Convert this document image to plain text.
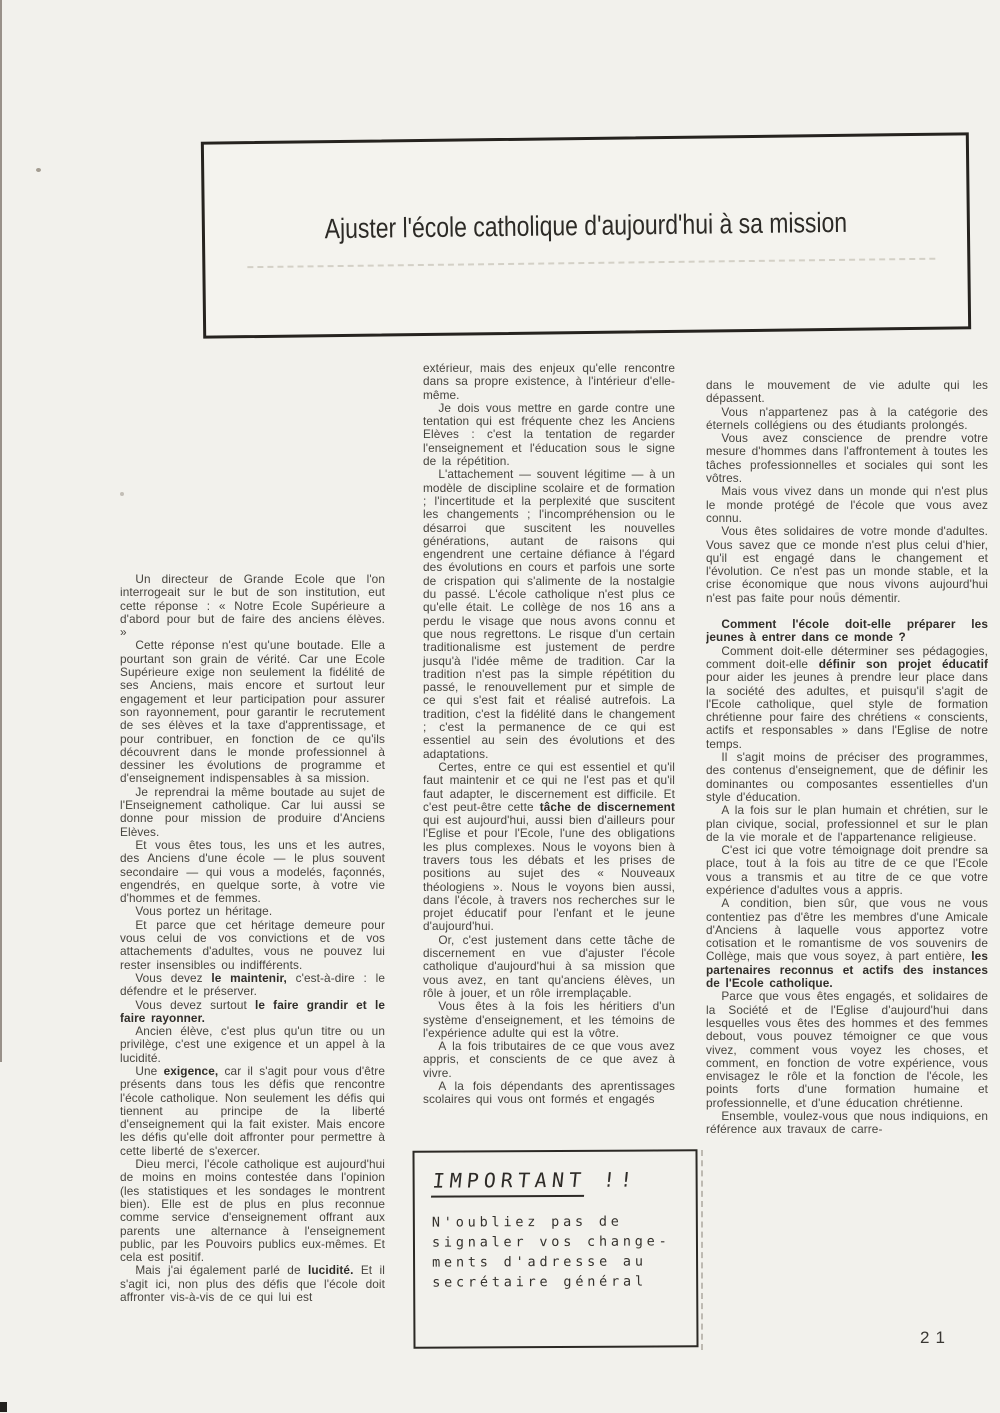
Ajuster l'école catholique d'aujourd'hui à sa mission

Un directeur de Grande Ecole que l'on interrogeait sur le but de son institution, eut cette réponse : « Notre Ecole Supérieure a d'abord pour but de faire des anciens élèves. »

Cette réponse n'est qu'une boutade. Elle a pourtant son grain de vérité. Car une Ecole Supérieure exige non seulement la fidélité de ses Anciens, mais encore et surtout leur engagement et leur participation pour assurer son rayonnement, pour garantir le recrutement de ses élèves et la taxe d'apprentissage, et pour contribuer, en fonction de ce qu'ils découvrent dans le monde professionnel à dessiner les évolutions de programme et d'enseignement indispensables à sa mission.

Je reprendrai la même boutade au sujet de l'Enseignement catholique. Car lui aussi se donne pour mission de produire d'Anciens Elèves.

Et vous êtes tous, les uns et les autres, des Anciens d'une école — le plus souvent secondaire — qui vous a modelés, façonnés, engendrés, en quelque sorte, à votre vie d'hommes et de femmes.

Vous portez un héritage.

Et parce que cet héritage demeure pour vous celui de vos convictions et de vos attachements d'adultes, vous ne pouvez lui rester insensibles ou indifférents.

Vous devez le maintenir, c'est-à-dire : le défendre et le préserver.

Vous devez surtout le faire grandir et le faire rayonner.

Ancien élève, c'est plus qu'un titre ou un privilège, c'est une exigence et un appel à la lucidité.

Une exigence, car il s'agit pour vous d'être présents dans tous les défis que rencontre l'école catholique. Non seulement les défis qui tiennent au principe de la liberté d'enseignement qui la fait exister. Mais encore les défis qu'elle doit affronter pour permettre à cette liberté de s'exercer.

Dieu merci, l'école catholique est aujourd'hui de moins en moins contestée dans l'opinion (les statistiques et les sondages le montrent bien). Elle est de plus en plus reconnue comme service d'enseignement offrant aux parents une alternance à l'enseignement public, par les Pouvoirs publics eux-mêmes. Et cela est positif.

Mais j'ai également parlé de lucidité. Et il s'agit ici, non plus des défis que l'école doit affronter vis-à-vis de ce qui lui est

extérieur, mais des enjeux qu'elle rencontre dans sa propre existence, à l'intérieur d'elle-même.

Je dois vous mettre en garde contre une tentation qui est fréquente chez les Anciens Elèves : c'est la tentation de regarder l'enseignement et l'éducation sous le signe de la répétition.

L'attachement — souvent légitime — à un modèle de discipline scolaire et de formation ; l'incertitude et la perplexité que suscitent les changements ; l'incompréhension ou le désarroi que suscitent les nouvelles générations, autant de raisons qui engendrent une certaine défiance à l'égard des évolutions en cours et parfois une sorte de crispation qui s'alimente de la nostalgie du passé. L'école catholique n'est plus ce qu'elle était. Le collège de nos 16 ans a perdu le visage que nous avons connu et que nous regrettons. Le risque d'un certain traditionalisme est justement de perdre jusqu'à l'idée même de tradition. Car la tradition n'est pas la simple répétition du passé, le renouvellement pur et simple de ce qui s'est fait et réalisé autrefois. La tradition, c'est la fidélité dans le changement ; c'est la permanence de ce qui est essentiel au sein des évolutions et des adaptations.

Certes, entre ce qui est essentiel et qu'il faut maintenir et ce qui ne l'est pas et qu'il faut adapter, le discernement est difficile. Et c'est peut-être cette tâche de discernement qui est aujourd'hui, aussi bien d'ailleurs pour l'Eglise et pour l'Ecole, l'une des obligations les plus complexes. Nous le voyons bien à travers tous les débats et les prises de positions au sujet des « Nouveaux théologiens ». Nous le voyons bien aussi, dans l'école, à travers nos recherches sur le projet éducatif pour l'enfant et le jeune d'aujourd'hui.

Or, c'est justement dans cette tâche de discernement en vue d'ajuster l'école catholique d'aujourd'hui à sa mission que vous avez, en tant qu'anciens élèves, un rôle à jouer, et un rôle irremplaçable.

Vous êtes à la fois les héritiers d'un système d'enseignement, et les témoins de l'expérience adulte qui est la vôtre.

A la fois tributaires de ce que vous avez appris, et conscients de ce que avez à vivre.

A la fois dépendants des aprentissages scolaires qui vous ont formés et engagés

dans le mouvement de vie adulte qui les dépassent.

Vous n'appartenez pas à la catégorie des éternels collégiens ou des étudiants prolongés.

Vous avez conscience de prendre votre mesure d'hommes dans l'affrontement à toutes les tâches professionnelles et sociales qui sont les vôtres.

Mais vous vivez dans un monde qui n'est plus le monde protégé de l'école que vous avez connu.

Vous êtes solidaires de votre monde d'adultes. Vous savez que ce monde n'est plus celui d'hier, qu'il est engagé dans le changement et l'évolution. Ce n'est pas un monde stable, et la crise économique que nous vivons aujourd'hui n'est pas faite pour nous démentir.

Comment l'école doit-elle préparer les jeunes à entrer dans ce monde ?

Comment doit-elle déterminer ses pédagogies, comment doit-elle définir son projet éducatif pour aider les jeunes à prendre leur place dans la société des adultes, et puisqu'il s'agit de l'Ecole catholique, quel style de formation chrétienne pour faire des chrétiens « conscients, actifs et responsables » dans l'Eglise de notre temps.

Il s'agit moins de préciser des programmes, des contenus d'enseignement, que de définir les dominantes ou composantes essentielles d'un style d'éducation.

A la fois sur le plan humain et chrétien, sur le plan civique, social, professionnel et sur le plan de la vie morale et de l'appartenance religieuse.

C'est ici que votre témoignage doit prendre sa place, tout à la fois au titre de ce que l'Ecole vous a transmis et au titre de ce que votre expérience d'adultes vous a appris.

A condition, bien sûr, que vous ne vous contentiez pas d'être les membres d'une Amicale d'Anciens à laquelle vous apportez votre cotisation et le romantisme de vos souvenirs de Collège, mais que vous soyez, à part entière, les partenaires reconnus et actifs des instances de l'Ecole catholique.

Parce que vous êtes engagés, et solidaires de la Société et de l'Eglise d'aujourd'hui dans lesquelles vous êtes des hommes et des femmes debout, vous pouvez témoigner ce que vous vivez, comment vous voyez les choses, et comment, en fonction de votre expérience, vous envisagez le rôle et la fonction de l'école, les points forts d'une formation humaine et professionnelle, et d'une éducation chrétienne.

Ensemble, voulez-vous que nous indiquions, en référence aux travaux de carre-

IMPORTANT !!
N'oubliez pas de
signaler vos change-
ments d'adresse au
secrétaire général
21
